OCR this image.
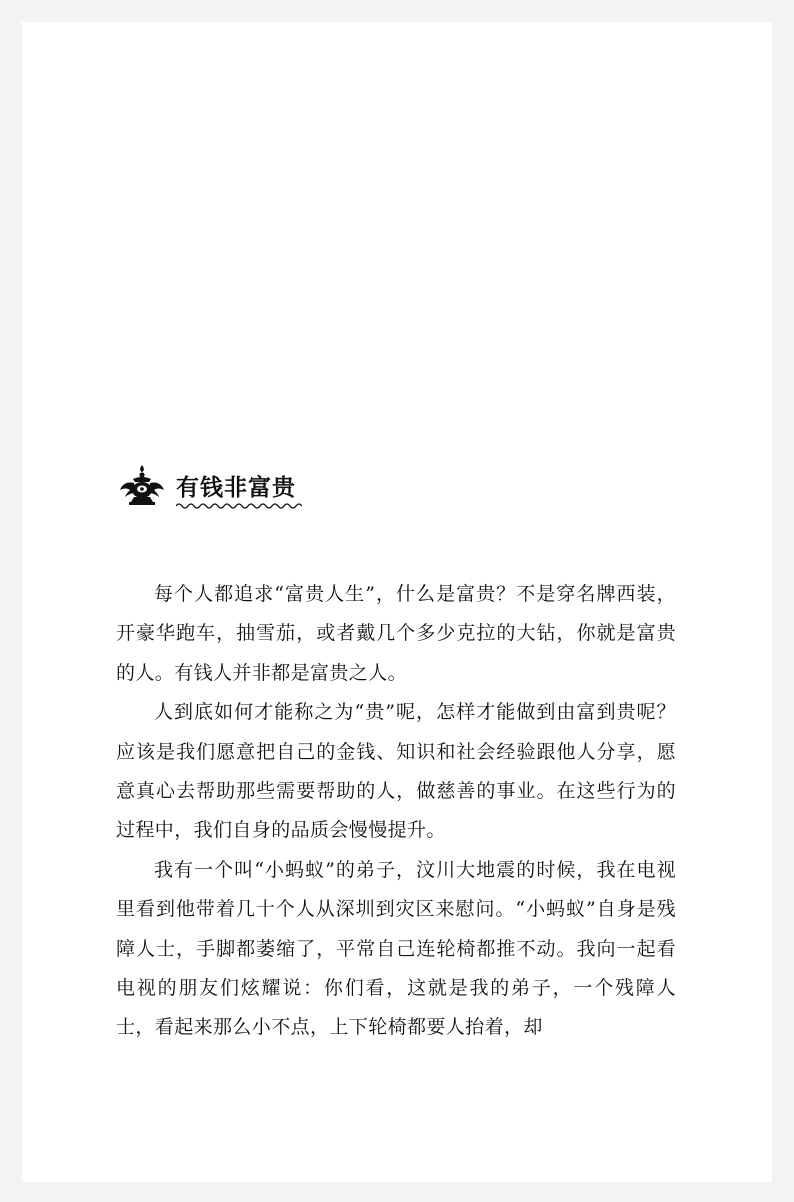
有钱非富贵

每个人都追求“富贵人生”，什么是富贵？不是穿名牌西装，开豪华跑车，抽雪茄，或者戴几个多少克拉的大钻，你就是富贵的人。有钱人并非都是富贵之人。

人到底如何才能称之为“贵”呢，怎样才能做到由富到贵呢？应该是我们愿意把自己的金钱、知识和社会经验跟他人分享，愿意真心去帮助那些需要帮助的人，做慈善的事业。在这些行为的过程中，我们自身的品质会慢慢提升。

我有一个叫“小蚂蚁”的弟子，汶川大地震的时候，我在电视里看到他带着几十个人从深圳到灾区来慰问。“小蚂蚁”自身是残障人士，手脚都萎缩了，平常自己连轮椅都推不动。我向一起看电视的朋友们炫耀说：你们看，这就是我的弟子，一个残障人士，看起来那么小不点，上下轮椅都要人抬着，却
